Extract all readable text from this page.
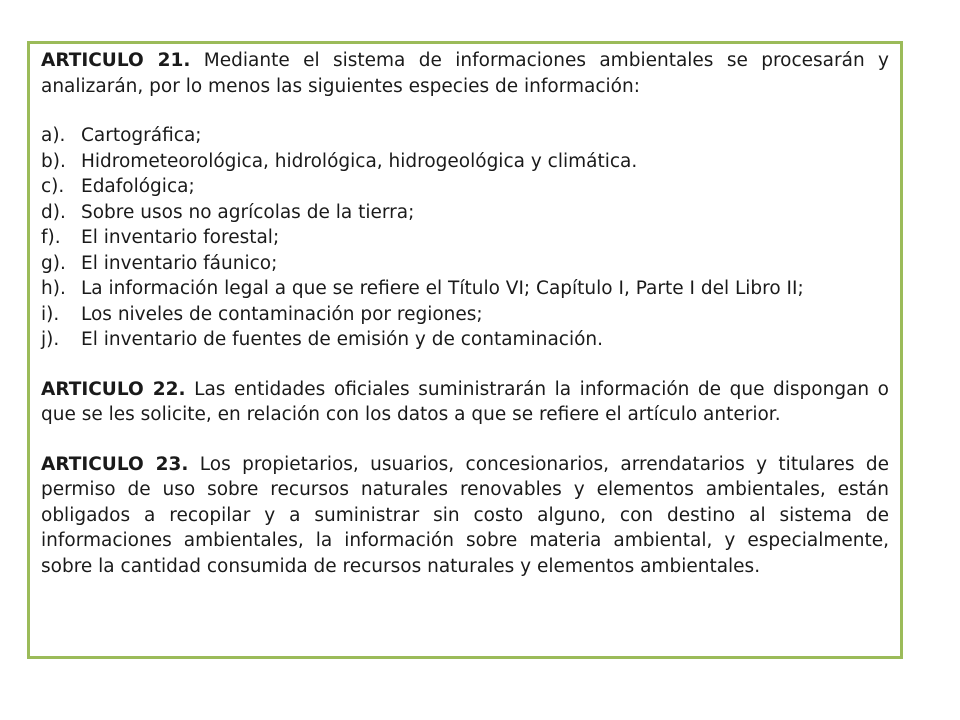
ARTICULO 21. Mediante el sistema de informaciones ambientales se procesarán y analizarán, por lo menos las siguientes especies de información:

a). Cartográfica;
b). Hidrometeorológica, hidrológica, hidrogeológica y climática.
c). Edafológica;
d). Sobre usos no agrícolas de la tierra;
f).	El inventario forestal;
g). El inventario fáunico;
h). La información legal a que se refiere el Título VI; Capítulo I, Parte I del Libro II;
i).	Los niveles de contaminación por regiones;
j).	El inventario de fuentes de emisión y de contaminación.

ARTICULO 22. Las entidades oficiales suministrarán la información de que dispongan o que se les solicite, en relación con los datos a que se refiere el artículo anterior.

ARTICULO 23. Los propietarios, usuarios, concesionarios, arrendatarios y titulares de permiso de uso sobre recursos naturales renovables y elementos ambientales, están obligados a recopilar y a suministrar sin costo alguno, con destino al sistema de informaciones ambientales, la información sobre materia ambiental, y especialmente, sobre la cantidad consumida de recursos naturales y elementos ambientales.
